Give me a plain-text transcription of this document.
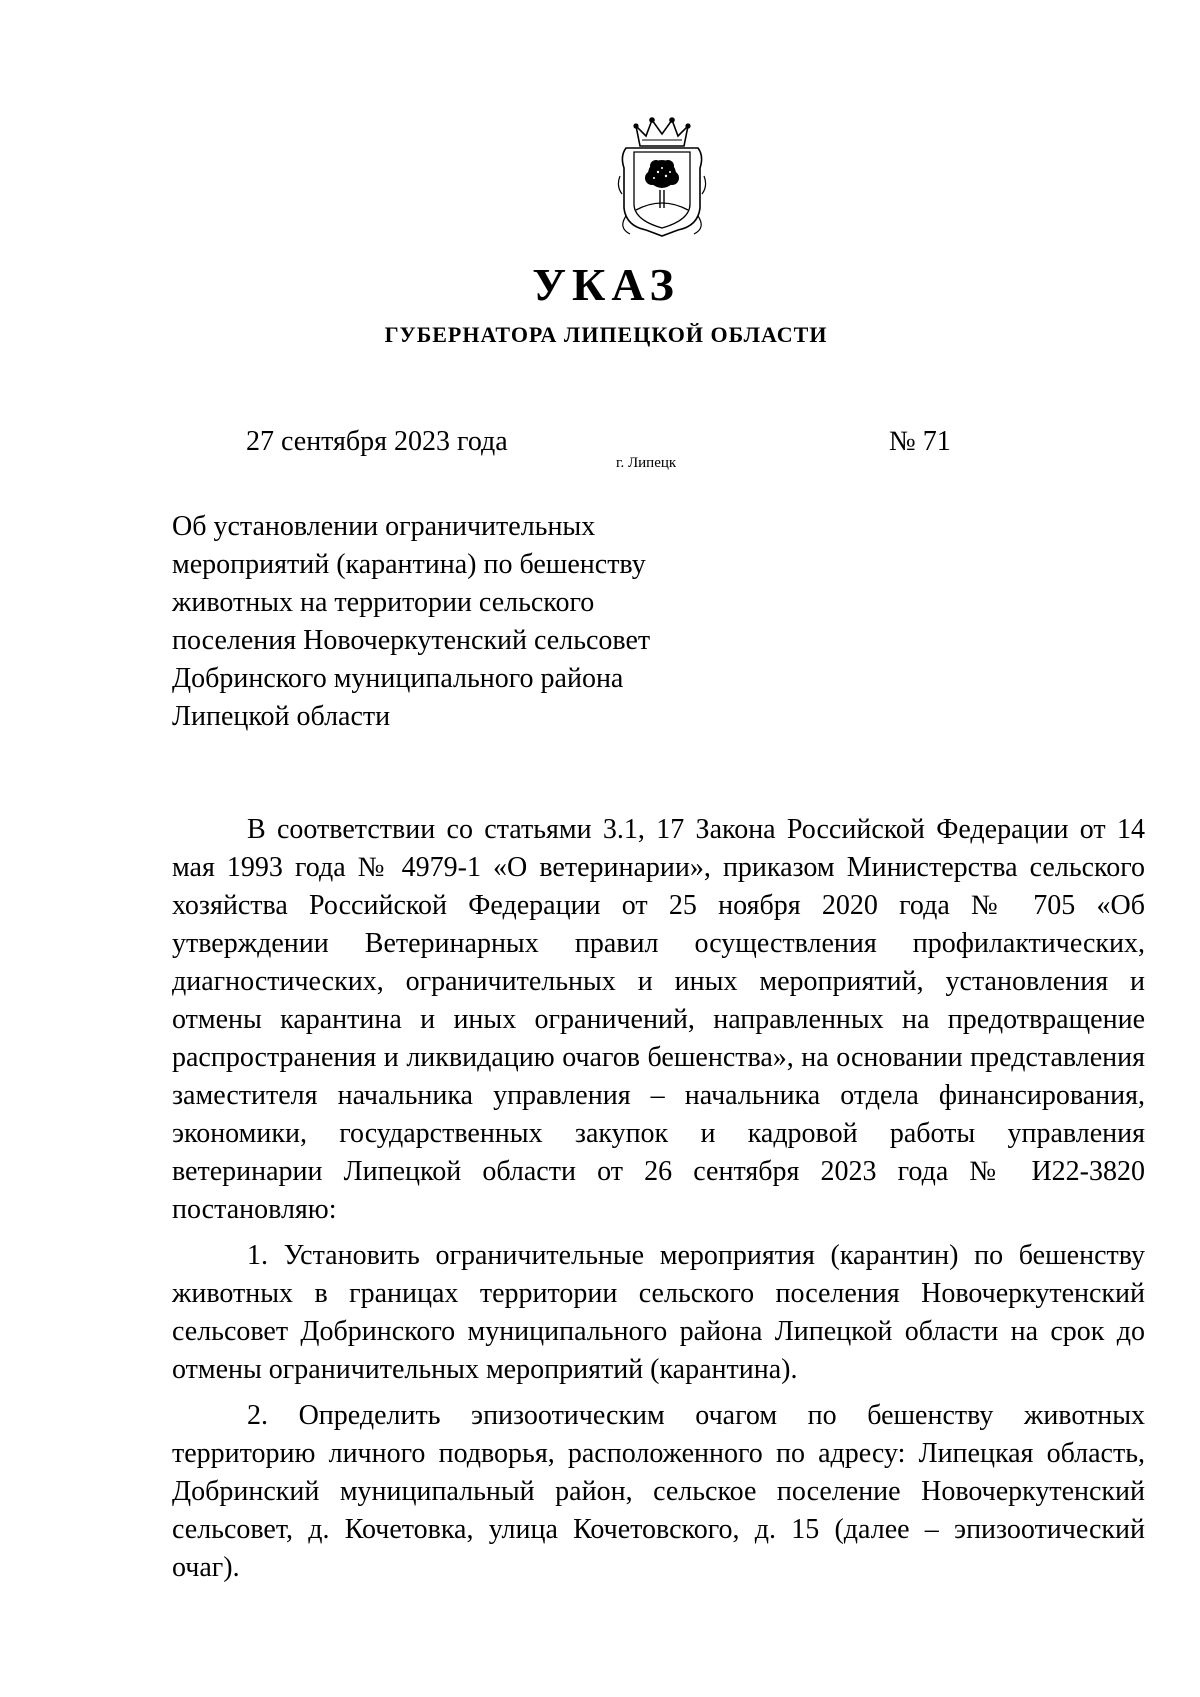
УКАЗ
ГУБЕРНАТОРА ЛИПЕЦКОЙ ОБЛАСТИ
27 сентября 2023 года
г. Липецк
№ 71
Об установлении ограничительных
мероприятий (карантина) по бешенству
животных на территории сельского
поселения Новочеркутенский сельсовет
Добринского муниципального района
Липецкой области

В соответствии со статьями 3.1, 17 Закона Российской Федерации от 14 мая 1993 года № 4979-1 «О ветеринарии», приказом Министерства сельского хозяйства Российской Федерации от 25 ноября 2020 года № 705 «Об утверждении Ветеринарных правил осуществления профилактических, диагностических, ограничительных и иных мероприятий, установления и отмены карантина и иных ограничений, направленных на предотвращение распространения и ликвидацию очагов бешенства», на основании представления заместителя начальника управления – начальника отдела финансирования, экономики, государственных закупок и кадровой работы управления ветеринарии Липецкой области от 26 сентября 2023 года № И22-3820 постановляю:

1. Установить ограничительные мероприятия (карантин) по бешенству животных в границах территории сельского поселения Новочеркутенский сельсовет Добринского муниципального района Липецкой области на срок до отмены ограничительных мероприятий (карантина).

2. Определить эпизоотическим очагом по бешенству животных территорию личного подворья, расположенного по адресу: Липецкая область, Добринский муниципальный район, сельское поселение Новочеркутенский сельсовет, д. Кочетовка, улица Кочетовского, д. 15 (далее – эпизоотический очаг).
